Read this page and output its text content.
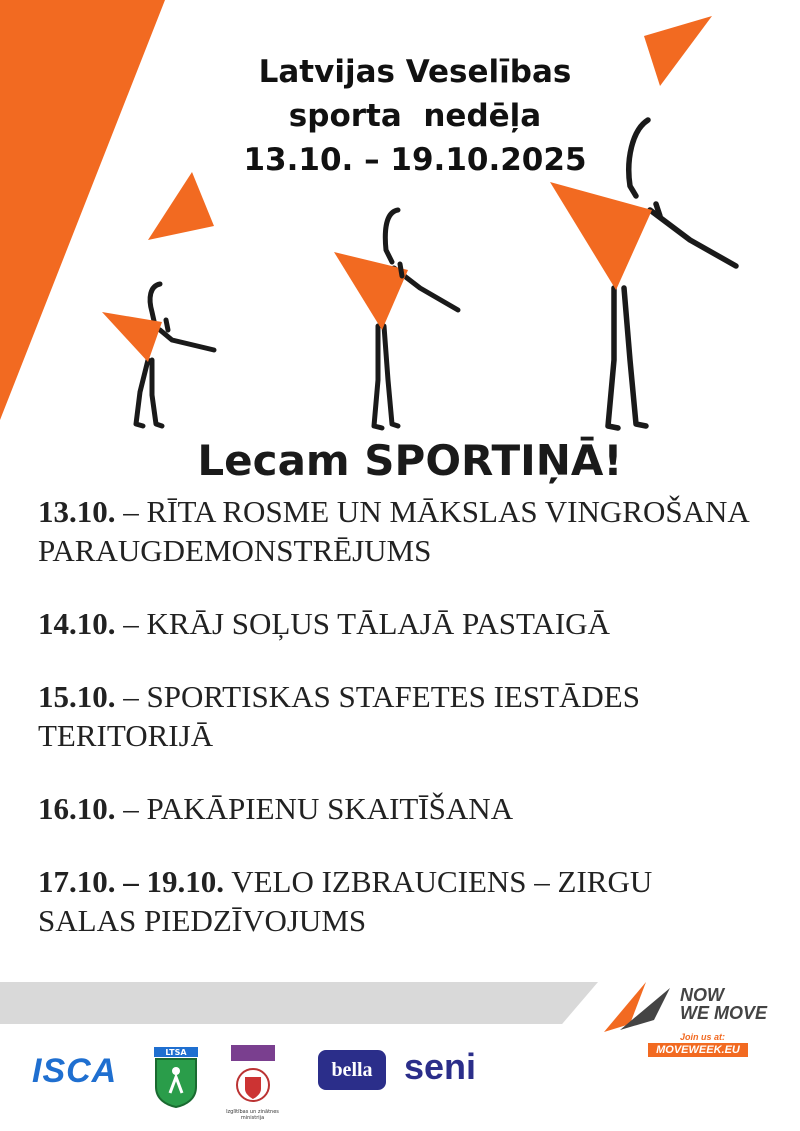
Latvijas Veselības
sporta  nedēļa
13.10. – 19.10.2025
Lecam SPORTIŅĀ!
13.10. – RĪTA ROSME UN MĀKSLAS VINGROŠANA PARAUGDEMONSTRĒJUMS
14.10. – KRĀJ SOĻUS TĀLAJĀ PASTAIGĀ
15.10. – SPORTISKAS STAFETES IESTĀDES TERITORIJĀ
16.10. – PAKĀPIENU SKAITĪŠANA
17.10. – 19.10. VELO IZBRAUCIENS – ZIRGU SALAS PIEDZĪVOJUMS
NOW
WE MOVE
Join us at:
MOVEWEEK.EU
ISCA	LTSA
Izglītības un zinātnes ministrija
bella seni
